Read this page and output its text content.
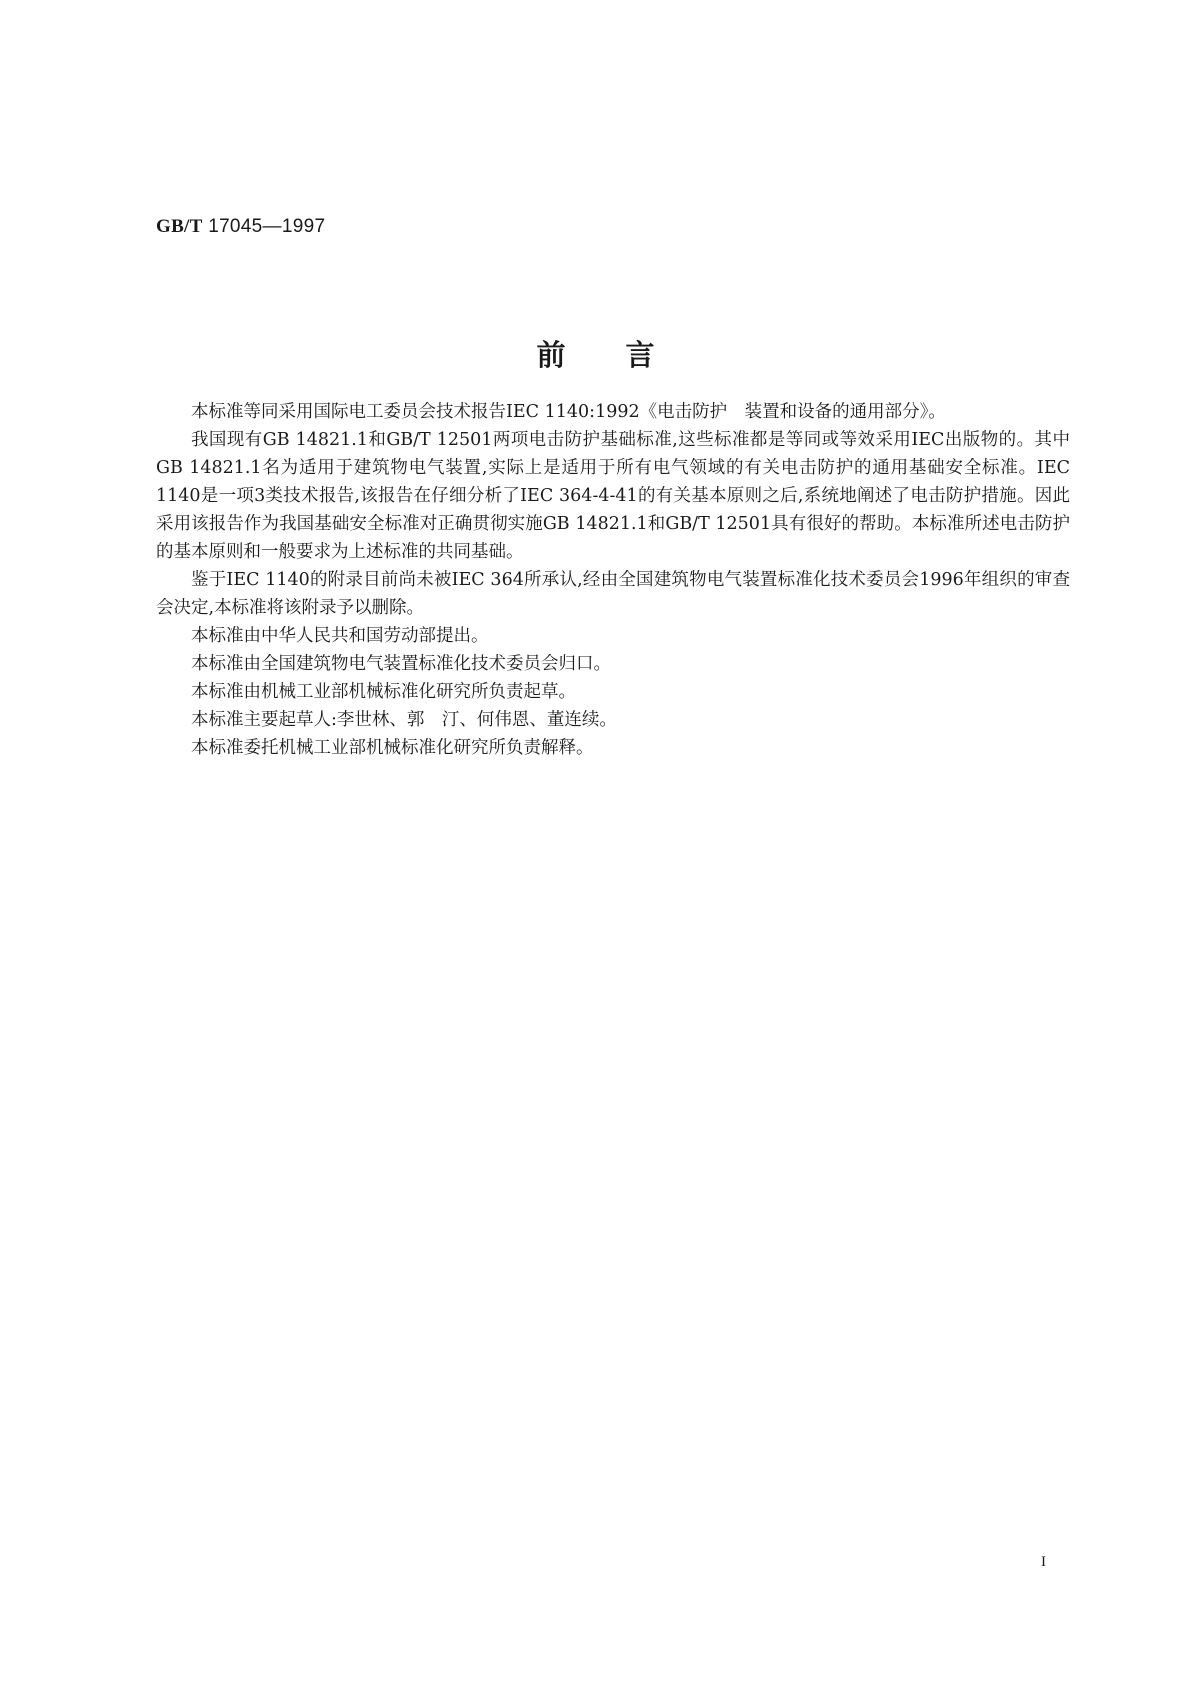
GB/T 17045—1997
前言

本标准等同采用国际电工委员会技术报告IEC 1140:1992《电击防护　装置和设备的通用部分》。

我国现有GB 14821.1和GB/T 12501两项电击防护基础标准,这些标准都是等同或等效采用IEC出版物的。其中GB 14821.1名为适用于建筑物电气装置,实际上是适用于所有电气领域的有关电击防护的通用基础安全标准。IEC 1140是一项3类技术报告,该报告在仔细分析了IEC 364-4-41的有关基本原则之后,系统地阐述了电击防护措施。因此采用该报告作为我国基础安全标准对正确贯彻实施GB 14821.1和GB/T 12501具有很好的帮助。本标准所述电击防护的基本原则和一般要求为上述标准的共同基础。

鉴于IEC 1140的附录目前尚未被IEC 364所承认,经由全国建筑物电气装置标准化技术委员会1996年组织的审查会决定,本标准将该附录予以删除。

本标准由中华人民共和国劳动部提出。

本标准由全国建筑物电气装置标准化技术委员会归口。

本标准由机械工业部机械标准化研究所负责起草。

本标准主要起草人:李世林、郭　汀、何伟恩、董连续。

本标准委托机械工业部机械标准化研究所负责解释。

I
